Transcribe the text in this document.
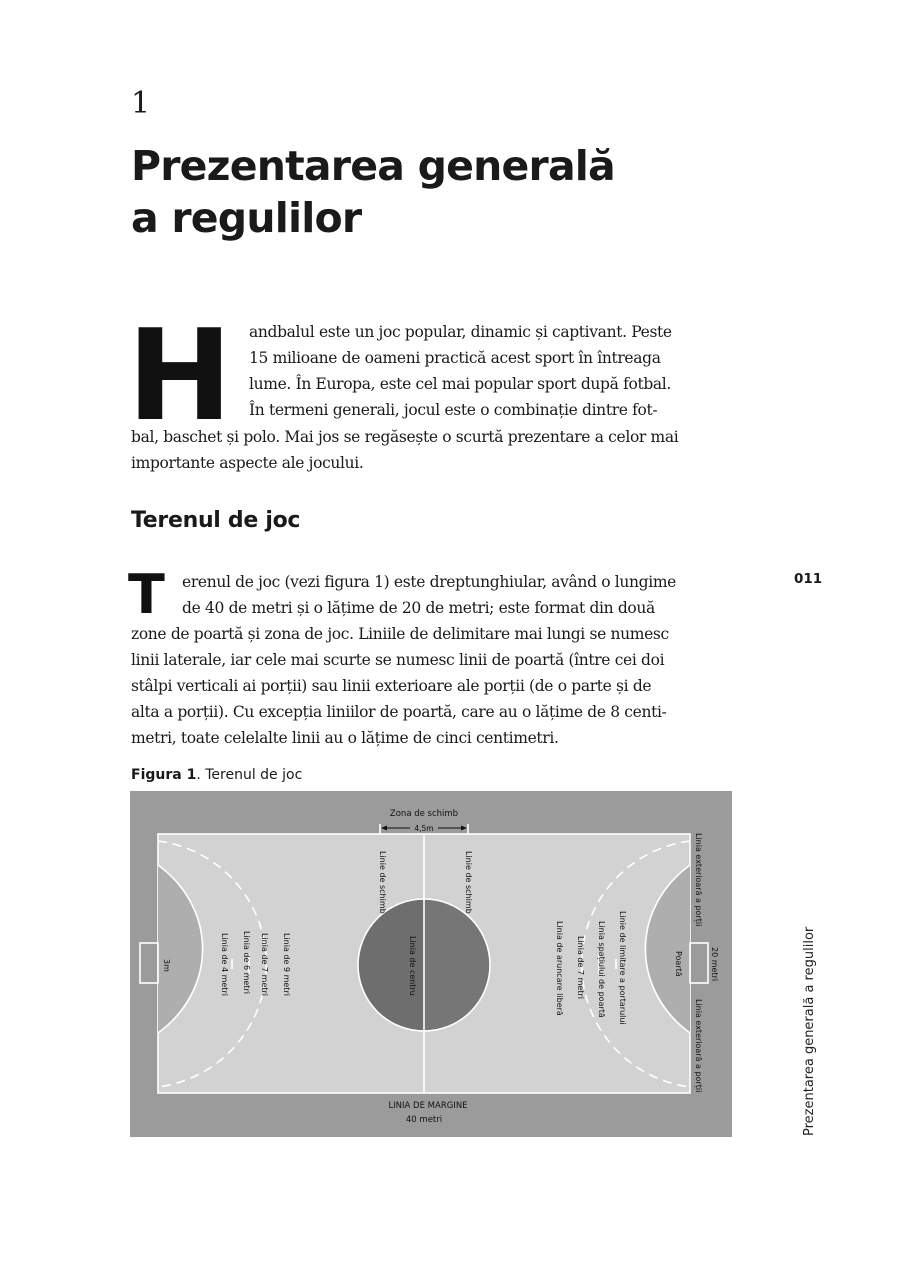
1
Prezentarea generală
a regulilor
H andbalul este un joc popular, dinamic și captivant. Peste
15 milioane de oameni practică acest sport în întreaga
lume. În Europa, este cel mai popular sport după fotbal.
În termeni generali, jocul este o combinație dintre fot-
bal, baschet și polo. Mai jos se regăsește o scurtă prezentare a celor mai
importante aspecte ale jocului.
Terenul de joc
T erenul de joc (vezi figura 1) este dreptunghiular, având o lungime
de 40 de metri și o lățime de 20 de metri; este format din două
zone de poartă și zona de joc. Liniile de delimitare mai lungi se numesc
linii laterale, iar cele mai scurte se numesc linii de poartă (între cei doi
stâlpi verticali ai porții) sau linii exterioare ale porții (de o parte și de
alta a porții). Cu excepția liniilor de poartă, care au o lățime de 8 centi-
metri, toate celelalte linii au o lățime de cinci centimetri.
011
Figura 1. Terenul de joc
Zona de schimb
4,5m
Linie de schimb	Linie de schimb
Linia de centru
3m	Linia de 4 metri Linia de 6 metri Linia de 7 metri Linia de 9 metri	Linia de aruncare liberă Linia de 7 metri Linia spațiului de poartă Linie de limitare a portarului	Poartă	20 metri
Linia exterioară a porții
Linia exterioară a porții
LINIA DE MARGINE
40 metri	Prezentarea generală a regulilor
